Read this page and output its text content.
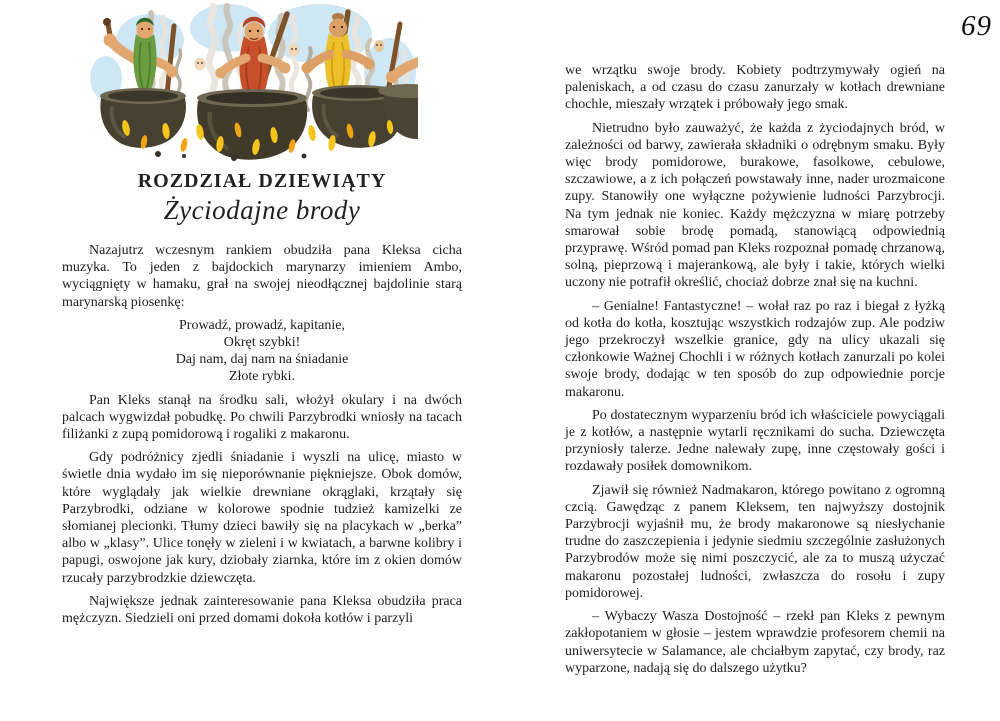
ROZDZIAŁ DZIEWIĄTY
Życiodajne brody

Nazajutrz wczesnym rankiem obudziła pana Kleksa cicha muzyka. To jeden z bajdockich marynarzy imieniem Ambo, wyciągnięty w hamaku, grał na swojej nieodłącznej bajdolinie starą marynarską piosenkę:

Prowadź, prowadź, kapitanie,
Okręt szybki!
Daj nam, daj nam na śniadanie
Złote rybki.

Pan Kleks stanął na środku sali, włożył okulary i na dwóch palcach wygwizdał pobudkę. Po chwili Parzybrodki wniosły na tacach filiżanki z zupą pomidorową i rogaliki z makaronu.

Gdy podróżnicy zjedli śniadanie i wyszli na ulicę, miasto w świetle dnia wydało im się nieporównanie piękniejsze. Obok domów, które wyglądały jak wielkie drewniane okrąglaki, krzątały się Parzybrodki, odziane w kolorowe spodnie tudzież kamizelki ze słomianej plecionki. Tłumy dzieci bawiły się na placykach w „berka” albo w „klasy”. Ulice tonęły w zieleni i w kwiatach, a barwne kolibry i papugi, oswojone jak kury, dziobały ziarnka, które im z okien domów rzucały parzybrodzkie dziewczęta.

Największe jednak zainteresowanie pana Kleksa obudziła praca mężczyzn. Siedzieli oni przed domami dokoła kotłów i parzyli

we wrzątku swoje brody. Kobiety podtrzymywały ogień na paleniskach, a od czasu do czasu zanurzały w kotłach drewniane chochle, mieszały wrzątek i próbowały jego smak.

Nietrudno było zauważyć, że każda z życiodajnych bród, w zależności od barwy, zawierała składniki o odrębnym smaku. Były więc brody pomidorowe, burakowe, fasolkowe, cebulowe, szczawiowe, a z ich połączeń powstawały inne, nader urozmaicone zupy. Stanowiły one wyłączne pożywienie ludności Parzybrocji. Na tym jednak nie koniec. Każdy mężczyzna w miarę potrzeby smarował sobie brodę pomadą, stanowiącą odpowiednią przyprawę. Wśród pomad pan Kleks rozpoznał pomadę chrzanową, solną, pieprzową i majerankową, ale były i takie, których wielki uczony nie potrafił określić, chociaż dobrze znał się na kuchni.

– Genialne! Fantastyczne! – wołał raz po raz i biegał z łyżką od kotła do kotła, kosztując wszystkich rodzajów zup. Ale podziw jego przekroczył wszelkie granice, gdy na ulicy ukazali się członkowie Ważnej Chochli i w różnych kotłach zanurzali po kolei swoje brody, dodając w ten sposób do zup odpowiednie porcje makaronu.

Po dostatecznym wyparzeniu bród ich właściciele powyciągali je z kotłów, a następnie wytarli ręcznikami do sucha. Dziewczęta przyniosły talerze. Jedne nalewały zupę, inne częstowały gości i rozdawały posiłek domownikom.

Zjawił się również Nadmakaron, którego powitano z ogromną czcią. Gawędząc z panem Kleksem, ten najwyższy dostojnik Parzybrocji wyjaśnił mu, że brody makaronowe są niesłychanie trudne do zaszczepienia i jedynie siedmiu szczególnie zasłużonych Parzybrodów może się nimi poszczycić, ale za to muszą użyczać makaronu pozostałej ludności, zwłaszcza do rosołu i zupy pomidorowej.

– Wybaczy Wasza Dostojność – rzekł pan Kleks z pewnym zakłopotaniem w głosie – jestem wprawdzie profesorem chemii na uniwersytecie w Salamance, ale chciałbym zapytać, czy brody, raz wyparzone, nadają się do dalszego użytku?

69
